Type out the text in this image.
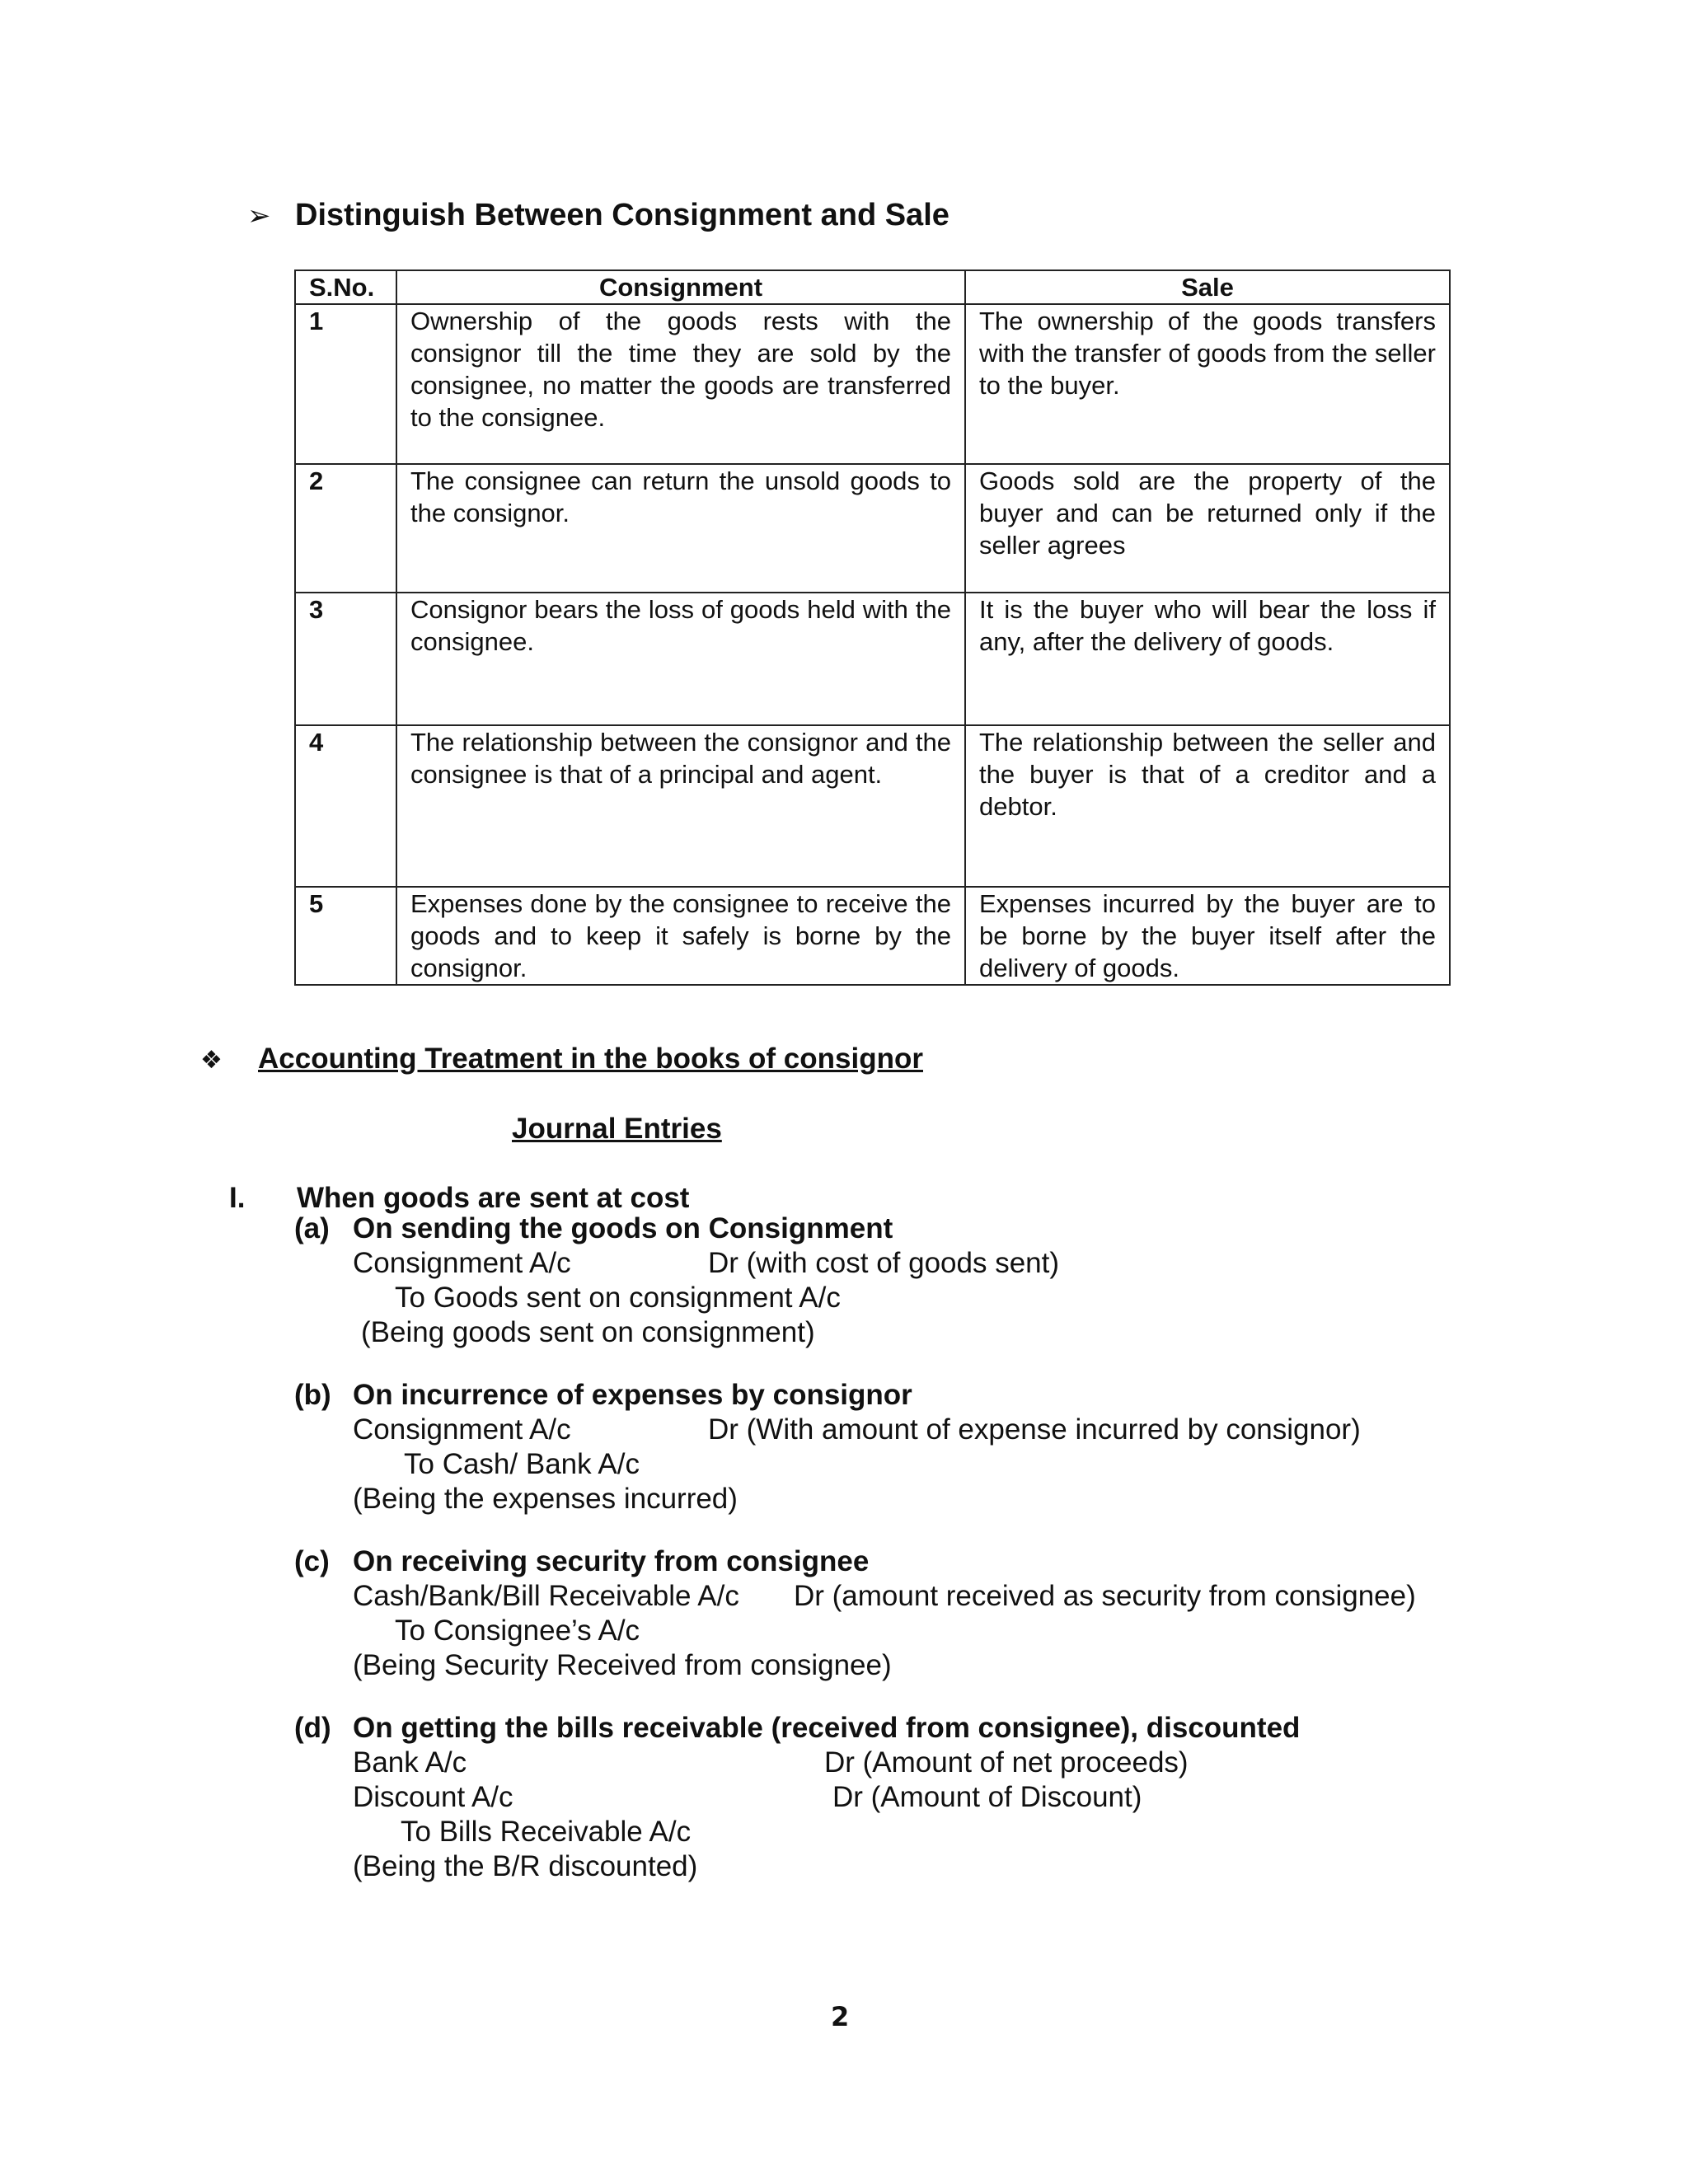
➢ Distinguish Between Consignment and Sale
S.No.	Consignment	Sale
1	Ownership of the goods rests with the consignor till the time they are sold by the consignee, no matter the goods are transferred to the consignee.	The ownership of the goods transfers with the transfer of goods from the seller to the buyer.
2	The consignee can return the unsold goods to the consignor.	Goods sold are the property of the buyer and can be returned only if the seller agrees
3	Consignor bears the loss of goods held with the consignee.	It is the buyer who will bear the loss if any, after the delivery of goods.
4	The relationship between the consignor and the consignee is that of a principal and agent.	The relationship between the seller and the buyer is that of a creditor and a debtor.
5	Expenses done by the consignee to receive the goods and to keep it safely is borne by the consignor.	Expenses incurred by the buyer are to be borne by the buyer itself after the delivery of goods.
❖ Accounting Treatment in the books of consignor
Journal Entries
I. When goods are sent at cost
(a) On sending the goods on Consignment
Consignment A/c	Dr (with cost of goods sent)
To Goods sent on consignment A/c
(Being goods sent on consignment)
(b) On incurrence of expenses by consignor
Consignment A/c	Dr (With amount of expense incurred by consignor)
To Cash/ Bank A/c
(Being the expenses incurred)
(c) On receiving security from consignee
Cash/Bank/Bill Receivable A/c Dr (amount received as security from consignee)
To Consignee’s A/c
(Being Security Received from consignee)
(d) On getting the bills receivable (received from consignee), discounted
Bank A/c	Dr (Amount of net proceeds)
Discount A/c	Dr (Amount of Discount)
To Bills Receivable A/c
(Being the B/R discounted)
2
